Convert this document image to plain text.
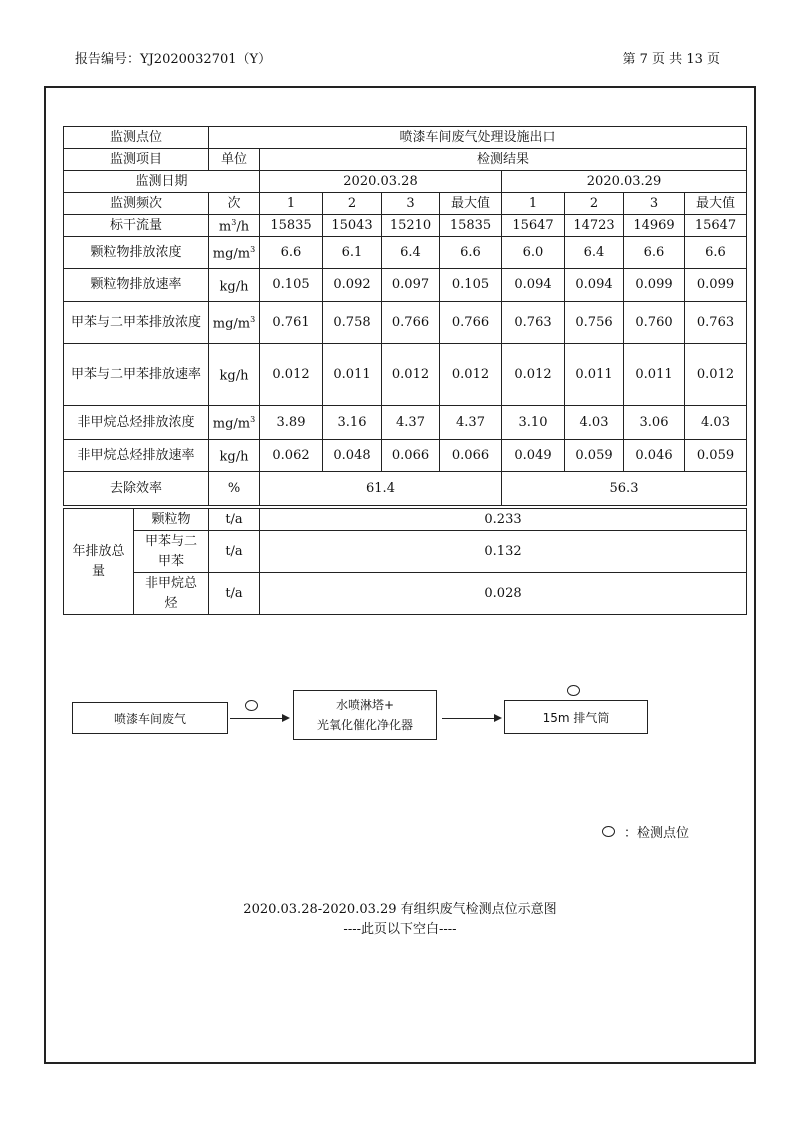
报告编号：YJ2020032701（Y）	第 7 页 共 13 页
监测点位	喷漆车间废气处理设施出口								
监测项目	单位	检测结果							
监测日期		2020.03.28				2020.03.29			
监测频次	次	1	2	3	最大值	1	2	3	最大值
标干流量	$m^3/h$	15835	15043	15210	15835	15647	14723	14969	15647
颗粒物排放浓度	$mg/m^3$	6.6	6.1	6.4	6.6	6.0	6.4	6.6	6.6
颗粒物排放速率	kg/h	0.105	0.092	0.097	0.105	0.094	0.094	0.099	0.099
甲苯与二甲苯排放浓度	$mg/m^3$	0.761	0.758	0.766	0.766	0.763	0.756	0.760	0.763
甲苯与二甲苯排放速率	kg/h	0.012	0.011	0.012	0.012	0.012	0.011	0.011	0.012
非甲烷总烃排放浓度	$mg/m^3$	3.89	3.16	4.37	4.37	3.10	4.03	3.06	4.03
非甲烷总烃排放速率	kg/h	0.062	0.048	0.066	0.066	0.049	0.059	0.046	0.059
去除效率	%	61.4				56.3			
年排放总量	颗粒物	t/a	0.233

	甲苯与二甲苯	t/a	0.132

	非甲烷总烃	t/a	0.028
喷漆车间废气
水喷淋塔+
光氧化催化净化器
15m 排气筒
：检测点位
2020.03.28-2020.03.29 有组织废气检测点位示意图
----此页以下空白----
